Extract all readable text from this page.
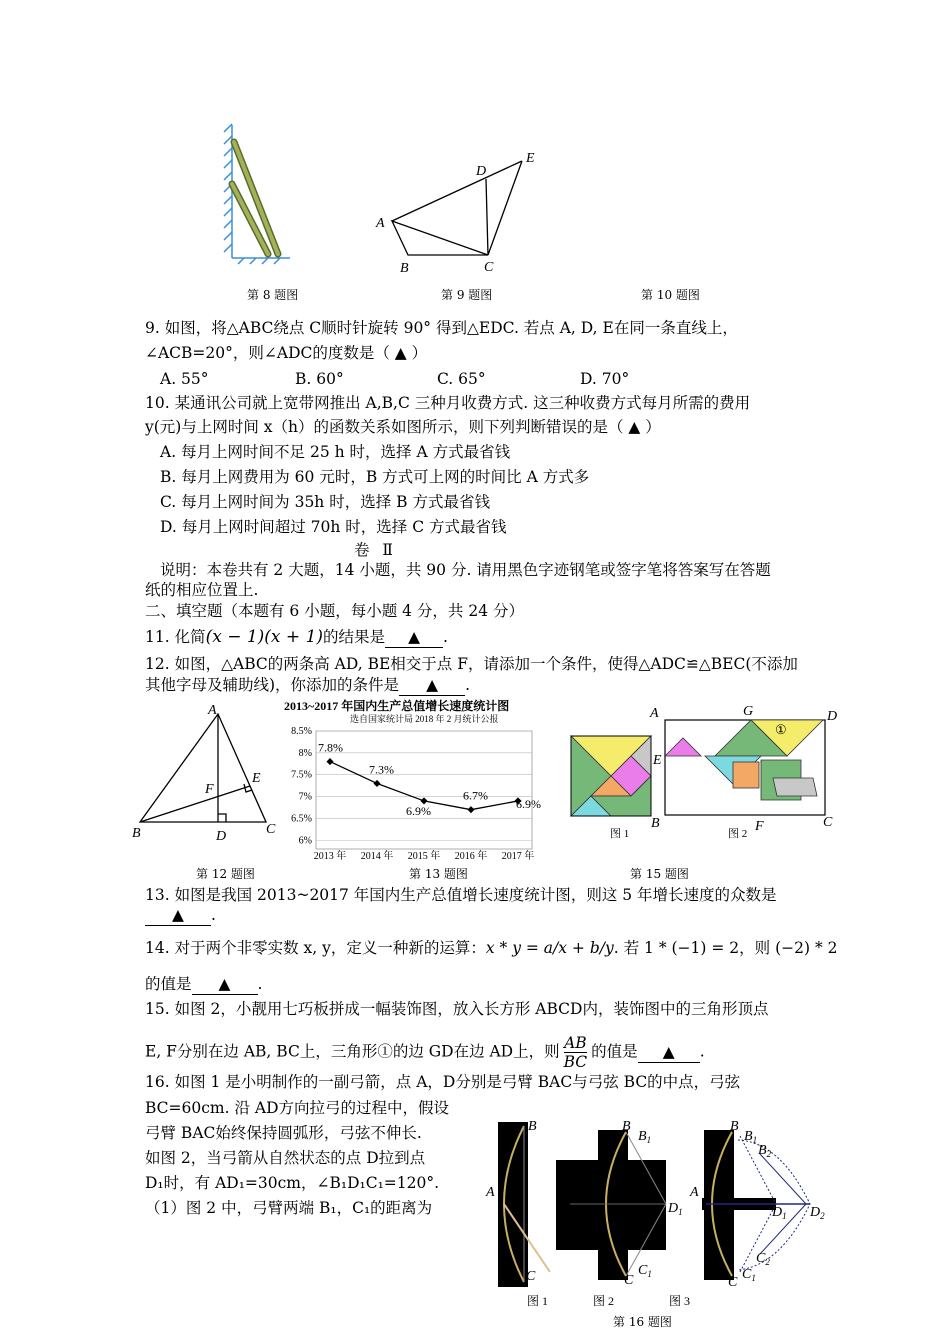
第 8 题图
A
B	C
D
E
第 9 题图	第 10 题图
9. 如图，将△ABC绕点 C顺时针旋转 90° 得到△EDC. 若点 A, D, E在同一条直线上，
∠ACB=20°，则∠ADC的度数是（ ▲ ）
A. 55°	B. 60°	C. 65°	D. 70°
10. 某通讯公司就上宽带网推出 A,B,C 三种月收费方式. 这三种收费方式每月所需的费用
y(元)与上网时间 x（h）的函数关系如图所示，则下列判断错误的是（ ▲ ）
A. 每月上网时间不足 25 h 时，选择 A 方式最省钱
B. 每月上网费用为 60 元时，B 方式可上网的时间比 A 方式多
C. 每月上网时间为 35h 时，选择 B 方式最省钱
D. 每月上网时间超过 70h 时，选择 C 方式最省钱
卷 Ⅱ
说明：本卷共有 2 大题，14 小题，共 90 分. 请用黑色字迹钢笔或签字笔将答案写在答题
纸的相应位置上.
二、填空题（本题有 6 小题，每小题 4 分，共 24 分）
11. 化简(x − 1)(x + 1)的结果是 ▲ .
12. 如图，△ABC的两条高 AD, BE相交于点 F，请添加一个条件，使得△ADC≌△BEC(不添加
其他字母及辅助线)，你添加的条件是 ▲ .
A
B	C
D
E
F
第 12 题图
2013~2017 年国内生产总值增长速度统计图
选自国家统计局 2018 年 2 月统计公报
8.5%
8%
7.5%
7%
6.5%
6%
7.8%
7.3%
6.9%
6.7%
6.9%
2013 年 2014 年 2015 年 2016 年 2017 年
第 13 题图
A
B	C
D
E
F
G
①
图 1	图 2
第 15 题图
13. 如图是我国 2013~2017 年国内生产总值增长速度统计图，则这 5 年增长速度的众数是
▲ .
14. 对于两个非零实数 x, y，定义一种新的运算：x * y = a/x + b/y. 若 1 * (−1) = 2，则 (−2) * 2
的值是 ▲ .
15. 如图 2，小靓用七巧板拼成一幅装饰图，放入长方形 ABCD内，装饰图中的三角形顶点
E, F分别在边 AB, BC上，三角形①的边 GD在边 AD上，则 $\frac{AB}{BC}$ 的值是 ▲ .
16. 如图 1 是小明制作的一副弓箭，点 A，D分别是弓臂 BAC与弓弦 BC的中点，弓弦
BC=60cm. 沿 AD方向拉弓的过程中，假设
弓臂 BAC始终保持圆弧形，弓弦不伸长.
如图 2，当弓箭从自然状态的点 D拉到点
D₁时，有 AD₁=30cm，∠B₁D₁C₁=120°.
（1）图 2 中，弓臂两端 B₁，C₁的距离为
B
A
C
B
$B_1$
$D_1$
C
$C_1$
A
B
$B_1$
$B_2$
$D_1$ $D_2$
$C_2$
$C_1$
C
图 1	图 2	图 3
第 16 题图
